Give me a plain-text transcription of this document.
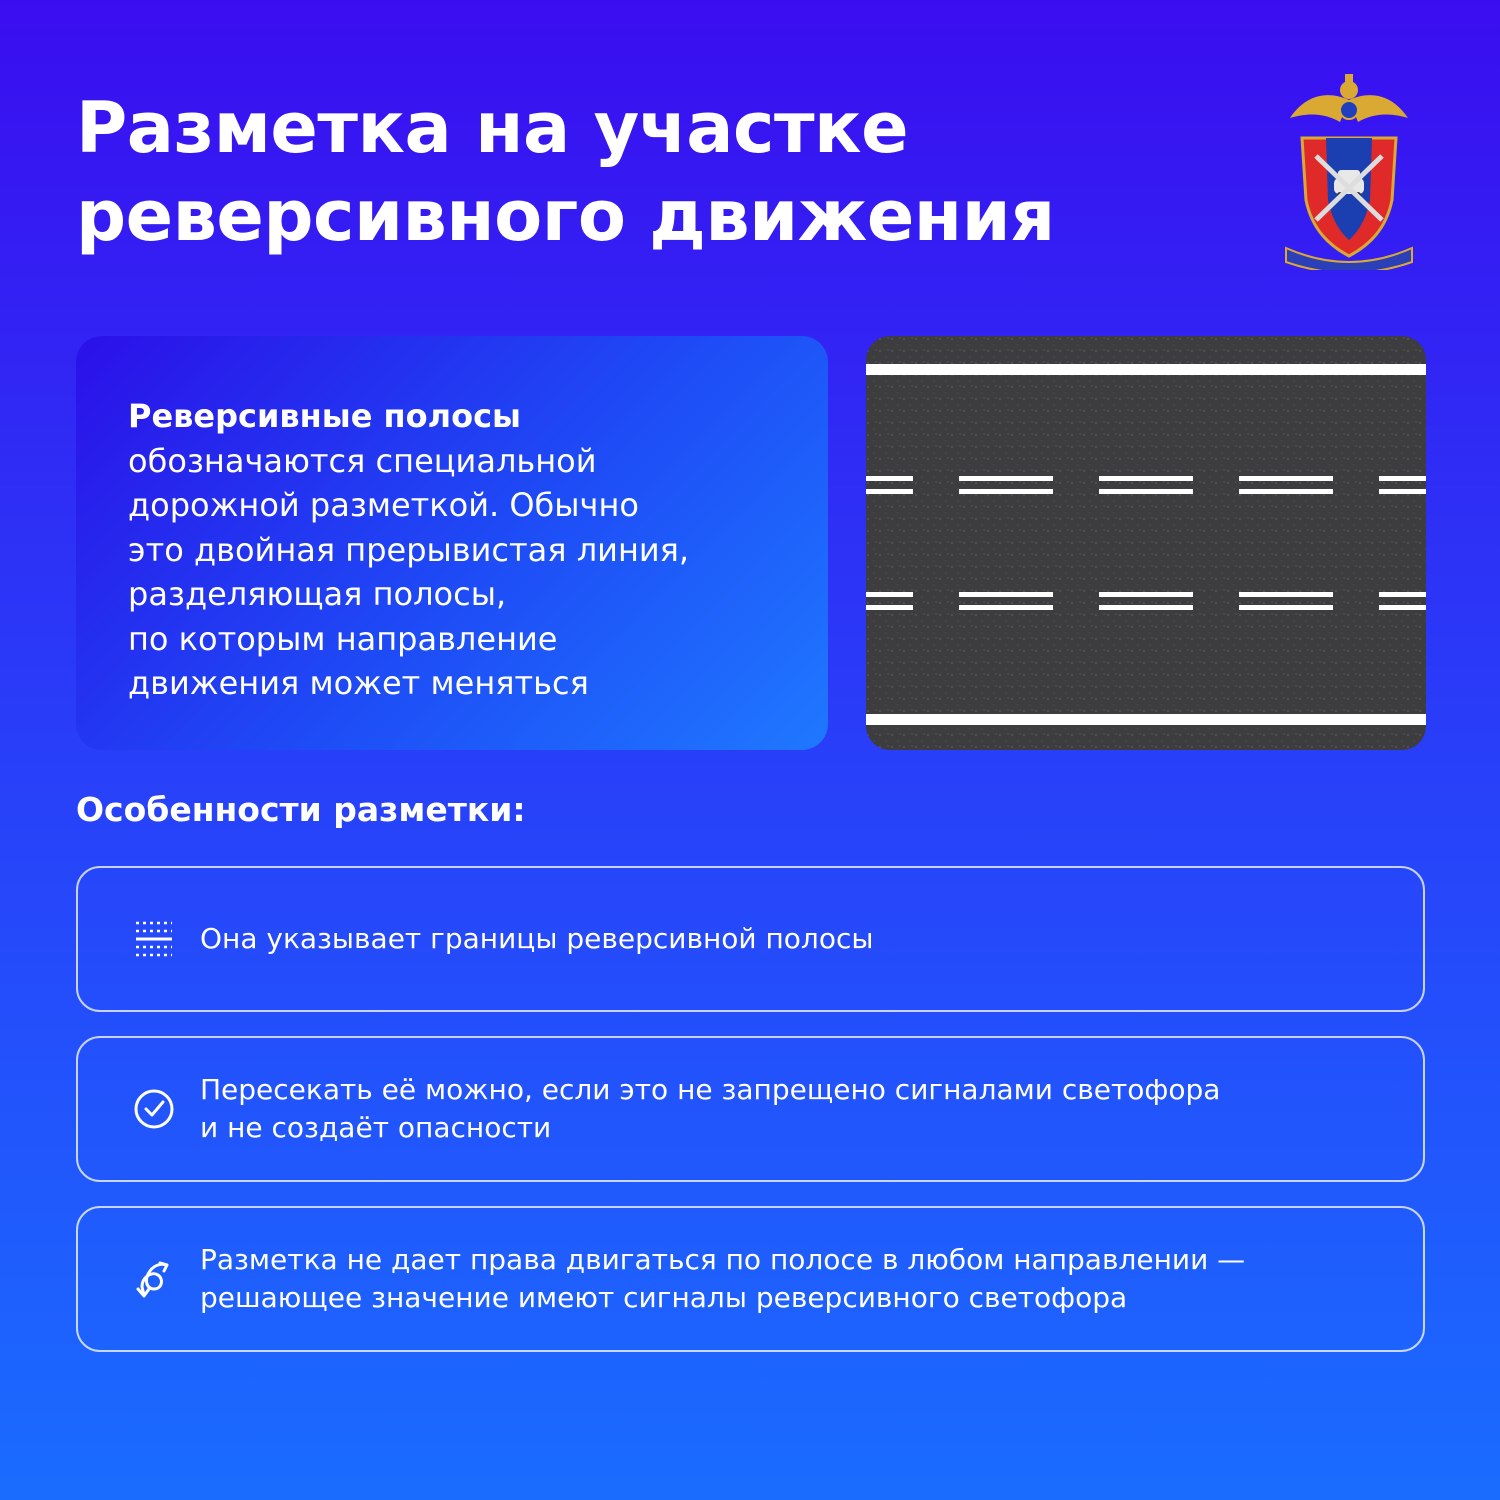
Разметка на участке
реверсивного движения
Реверсивные полосы
обозначаются специальной
дорожной разметкой. Обычно
это двойная прерывистая линия,
разделяющая полосы,
по которым направление
движения может меняться
Особенности разметки:
Она указывает границы реверсивной полосы
Пересекать её можно, если это не запрещено сигналами светофора
и не создаёт опасности
Разметка не дает права двигаться по полосе в любом направлении —
решающее значение имеют сигналы реверсивного светофора
